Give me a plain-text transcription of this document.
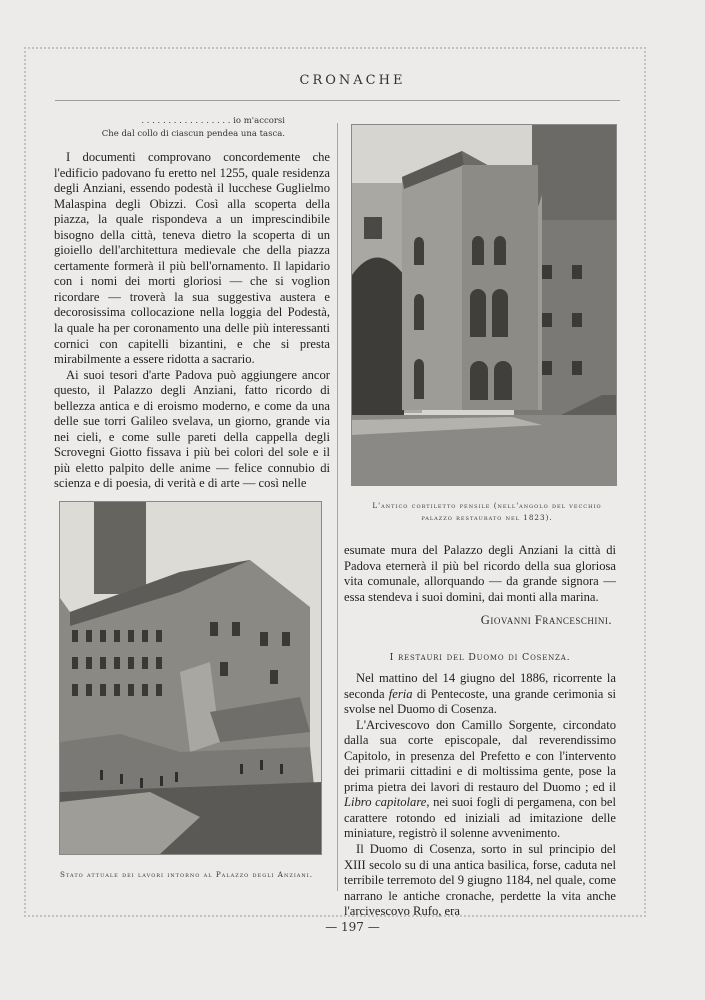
CRONACHE
. . . . . . . . . . . . . . . . . io m'accorsi
Che dal collo di ciascun pendea una tasca.

I documenti comprovano concordemente che l'edificio padovano fu eretto nel 1255, quale residenza degli Anziani, essendo podestà il lucchese Guglielmo Malaspina degli Obizzi. Così alla scoperta della piazza, la quale rispondeva a un imprescindibile bisogno della città, teneva dietro la scoperta di un gioiello dell'architettura medievale che della piazza certamente formerà il più bell'ornamento. Il lapidario con i nomi dei morti gloriosi — che si voglion ricordare — troverà la sua suggestiva austera e decorosissima collocazione nella loggia del Podestà, la quale ha per coronamento una delle più interessanti cornici con capitelli bizantini, e che si presta mirabilmente a essere ridotta a sacrario.

Ai suoi tesori d'arte Padova può aggiungere ancor questo, il Palazzo degli Anziani, fatto ricordo di bellezza antica e di eroismo moderno, e come da una delle sue torri Galileo svelava, un giorno, grande via nei cieli, e come sulle pareti della cappella degli Scrovegni Giotto fissava i più bei colori del sole e il più eletto palpito delle anime — felice connubio di scienza e di poesia, di verità e di arte — così nelle

L'antico cortiletto pensile (nell'angolo del vecchio palazzo restaurato nel 1823).
Stato attuale dei lavori intorno al Palazzo degli Anziani.

esumate mura del Palazzo degli Anziani la città di Padova eternerà il più bel ricordo della sua gloriosa vita comunale, allorquando — da grande signora — essa stendeva i suoi domini, dai monti alla marina.

Giovanni Franceschini.
I restauri del Duomo di Cosenza.

Nel mattino del 14 giugno del 1886, ricorrente la seconda feria di Pentecoste, una grande cerimonia si svolse nel Duomo di Cosenza.

L'Arcivescovo don Camillo Sorgente, circondato dalla sua corte episcopale, dal reverendissimo Capitolo, in presenza del Prefetto e con l'intervento dei primarii cittadini e di moltissima gente, pose la prima pietra dei lavori di restauro del Duomo ; ed il Libro capitolare, nei suoi fogli di pergamena, con bel carattere rotondo ed iniziali ad imitazione delle miniature, registrò il solenne avvenimento.

Il Duomo di Cosenza, sorto in sul principio del XIII secolo su di una antica basilica, forse, caduta nel terribile terremoto del 9 giugno 1184, nel quale, come narrano le antiche cronache, perdette la vita anche l'arcivescovo Rufo, era

— 197 —
